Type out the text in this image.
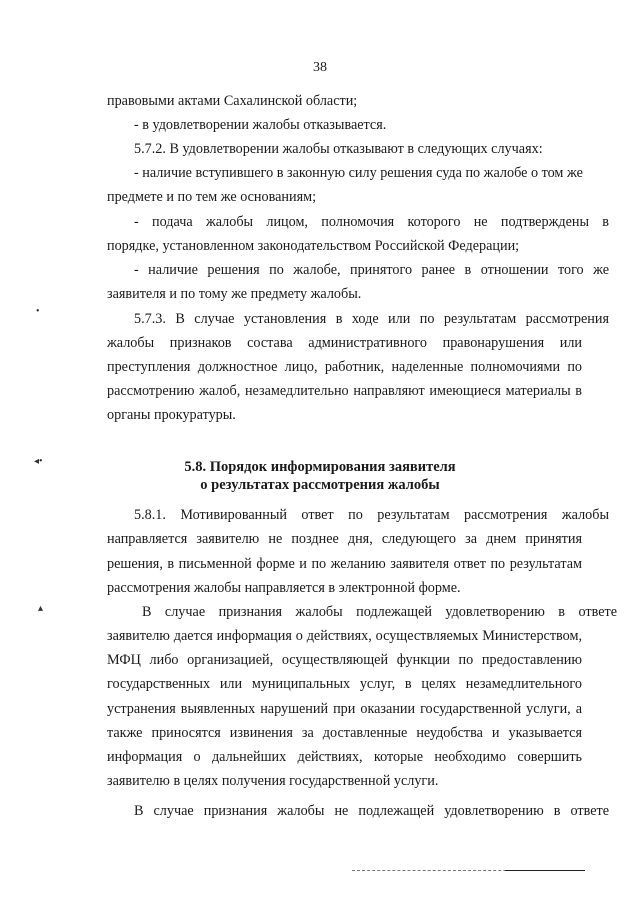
38
правовыми актами Сахалинской области;
- в удовлетворении жалобы отказывается.
5.7.2. В удовлетворении жалобы отказывают в следующих случаях:
- наличие вступившего в законную силу решения суда по жалобе о том же
предмете и по тем же основаниям;
- подача жалобы лицом, полномочия которого не подтверждены в
порядке, установленном законодательством Российской Федерации;
- наличие решения по жалобе, принятого ранее в отношении того же
заявителя и по тому же предмету жалобы.
5.7.3. В случае установления в ходе или по результатам рассмотрения
жалобы признаков состава административного правонарушения или
преступления должностное лицо, работник, наделенные полномочиями по
рассмотрению жалоб, незамедлительно направляют имеющиеся материалы в
органы прокуратуры.
5.8. Порядок информирования заявителя
о результатах рассмотрения жалобы
5.8.1. Мотивированный ответ по результатам рассмотрения жалобы
направляется заявителю не позднее дня, следующего за днем принятия
решения, в письменной форме и по желанию заявителя ответ по результатам
рассмотрения жалобы направляется в электронной форме.
В случае признания жалобы подлежащей удовлетворению в ответе
заявителю дается информация о действиях, осуществляемых Министерством,
МФЦ либо организацией, осуществляющей функции по предоставлению
государственных или муниципальных услуг, в целях незамедлительного
устранения выявленных нарушений при оказании государственной услуги, а
также приносятся извинения за доставленные неудобства и указывается
информация о дальнейших действиях, которые необходимо совершить
заявителю в целях получения государственной услуги.
В случае признания жалобы не подлежащей удовлетворению в ответе
•
◂•
▴
